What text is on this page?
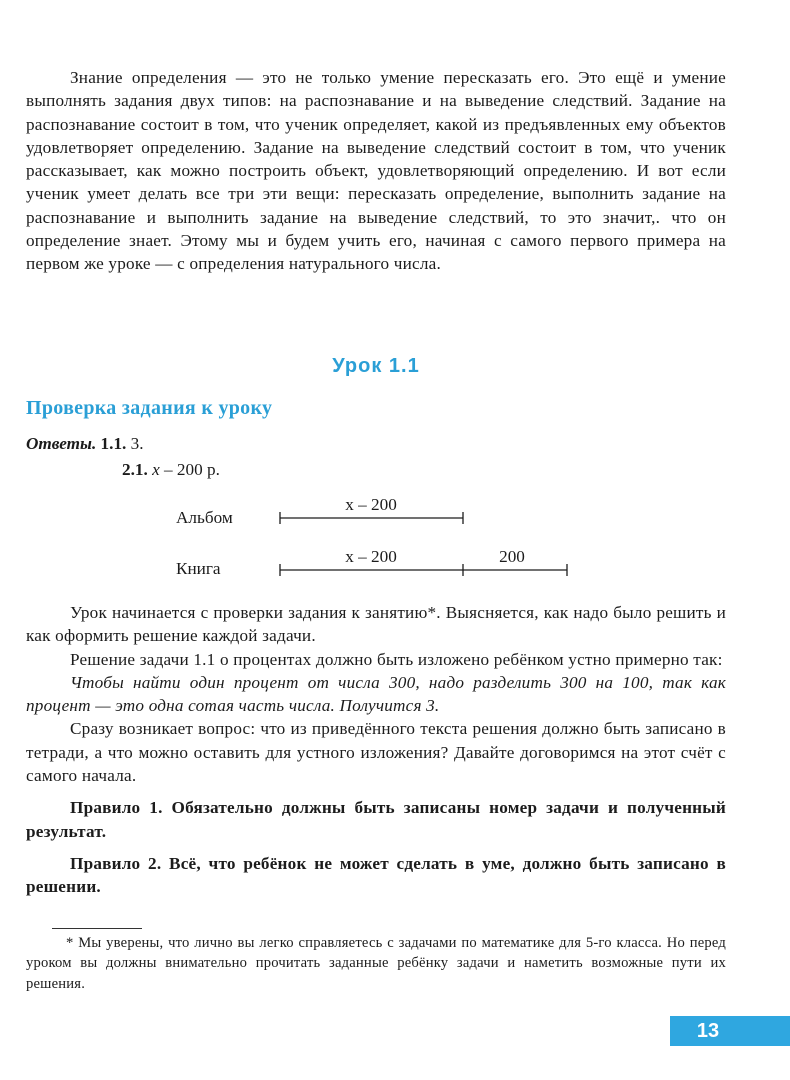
Знание определения — это не только умение пересказать его. Это ещё и умение выполнять задания двух типов: на распознавание и на выведение следствий. Задание на распознавание состоит в том, что ученик определяет, какой из предъявленных ему объектов удовлетворяет определению. Задание на выведение следствий состоит в том, что ученик рассказывает, как можно построить объект, удовлетворяющий определению. И вот если ученик умеет делать все три эти вещи: пересказать определение, выполнить задание на распознавание и выполнить задание на выведение следствий, то это значит,. что он определение знает. Этому мы и будем учить его, начиная с самого первого примера на первом же уроке — с определения натурального числа.

Урок 1.1
Проверка задания к уроку
Ответы. 1.1. 3.
2.1. x – 200 р.
Альбом
x – 200
Книга
x – 200	200

Урок начинается с проверки задания к занятию*. Выясняется, как надо было решить и как оформить решение каждой задачи.

Решение задачи 1.1 о процентах должно быть изложено ребёнком устно примерно так:

Чтобы найти один процент от числа 300, надо разделить 300 на 100, так как процент — это одна сотая часть числа. Получится 3.

Сразу возникает вопрос: что из приведённого текста решения должно быть записано в тетради, а что можно оставить для устного изложения? Давайте договоримся на этот счёт с самого начала.

Правило 1. Обязательно должны быть записаны номер задачи и полученный результат.

Правило 2. Всё, что ребёнок не может сделать в уме, должно быть записано в решении.

* Мы уверены, что лично вы легко справляетесь с задачами по математике для 5-го класса. Но перед уроком вы должны внимательно прочитать заданные ребёнку задачи и наметить возможные пути их решения.

13
